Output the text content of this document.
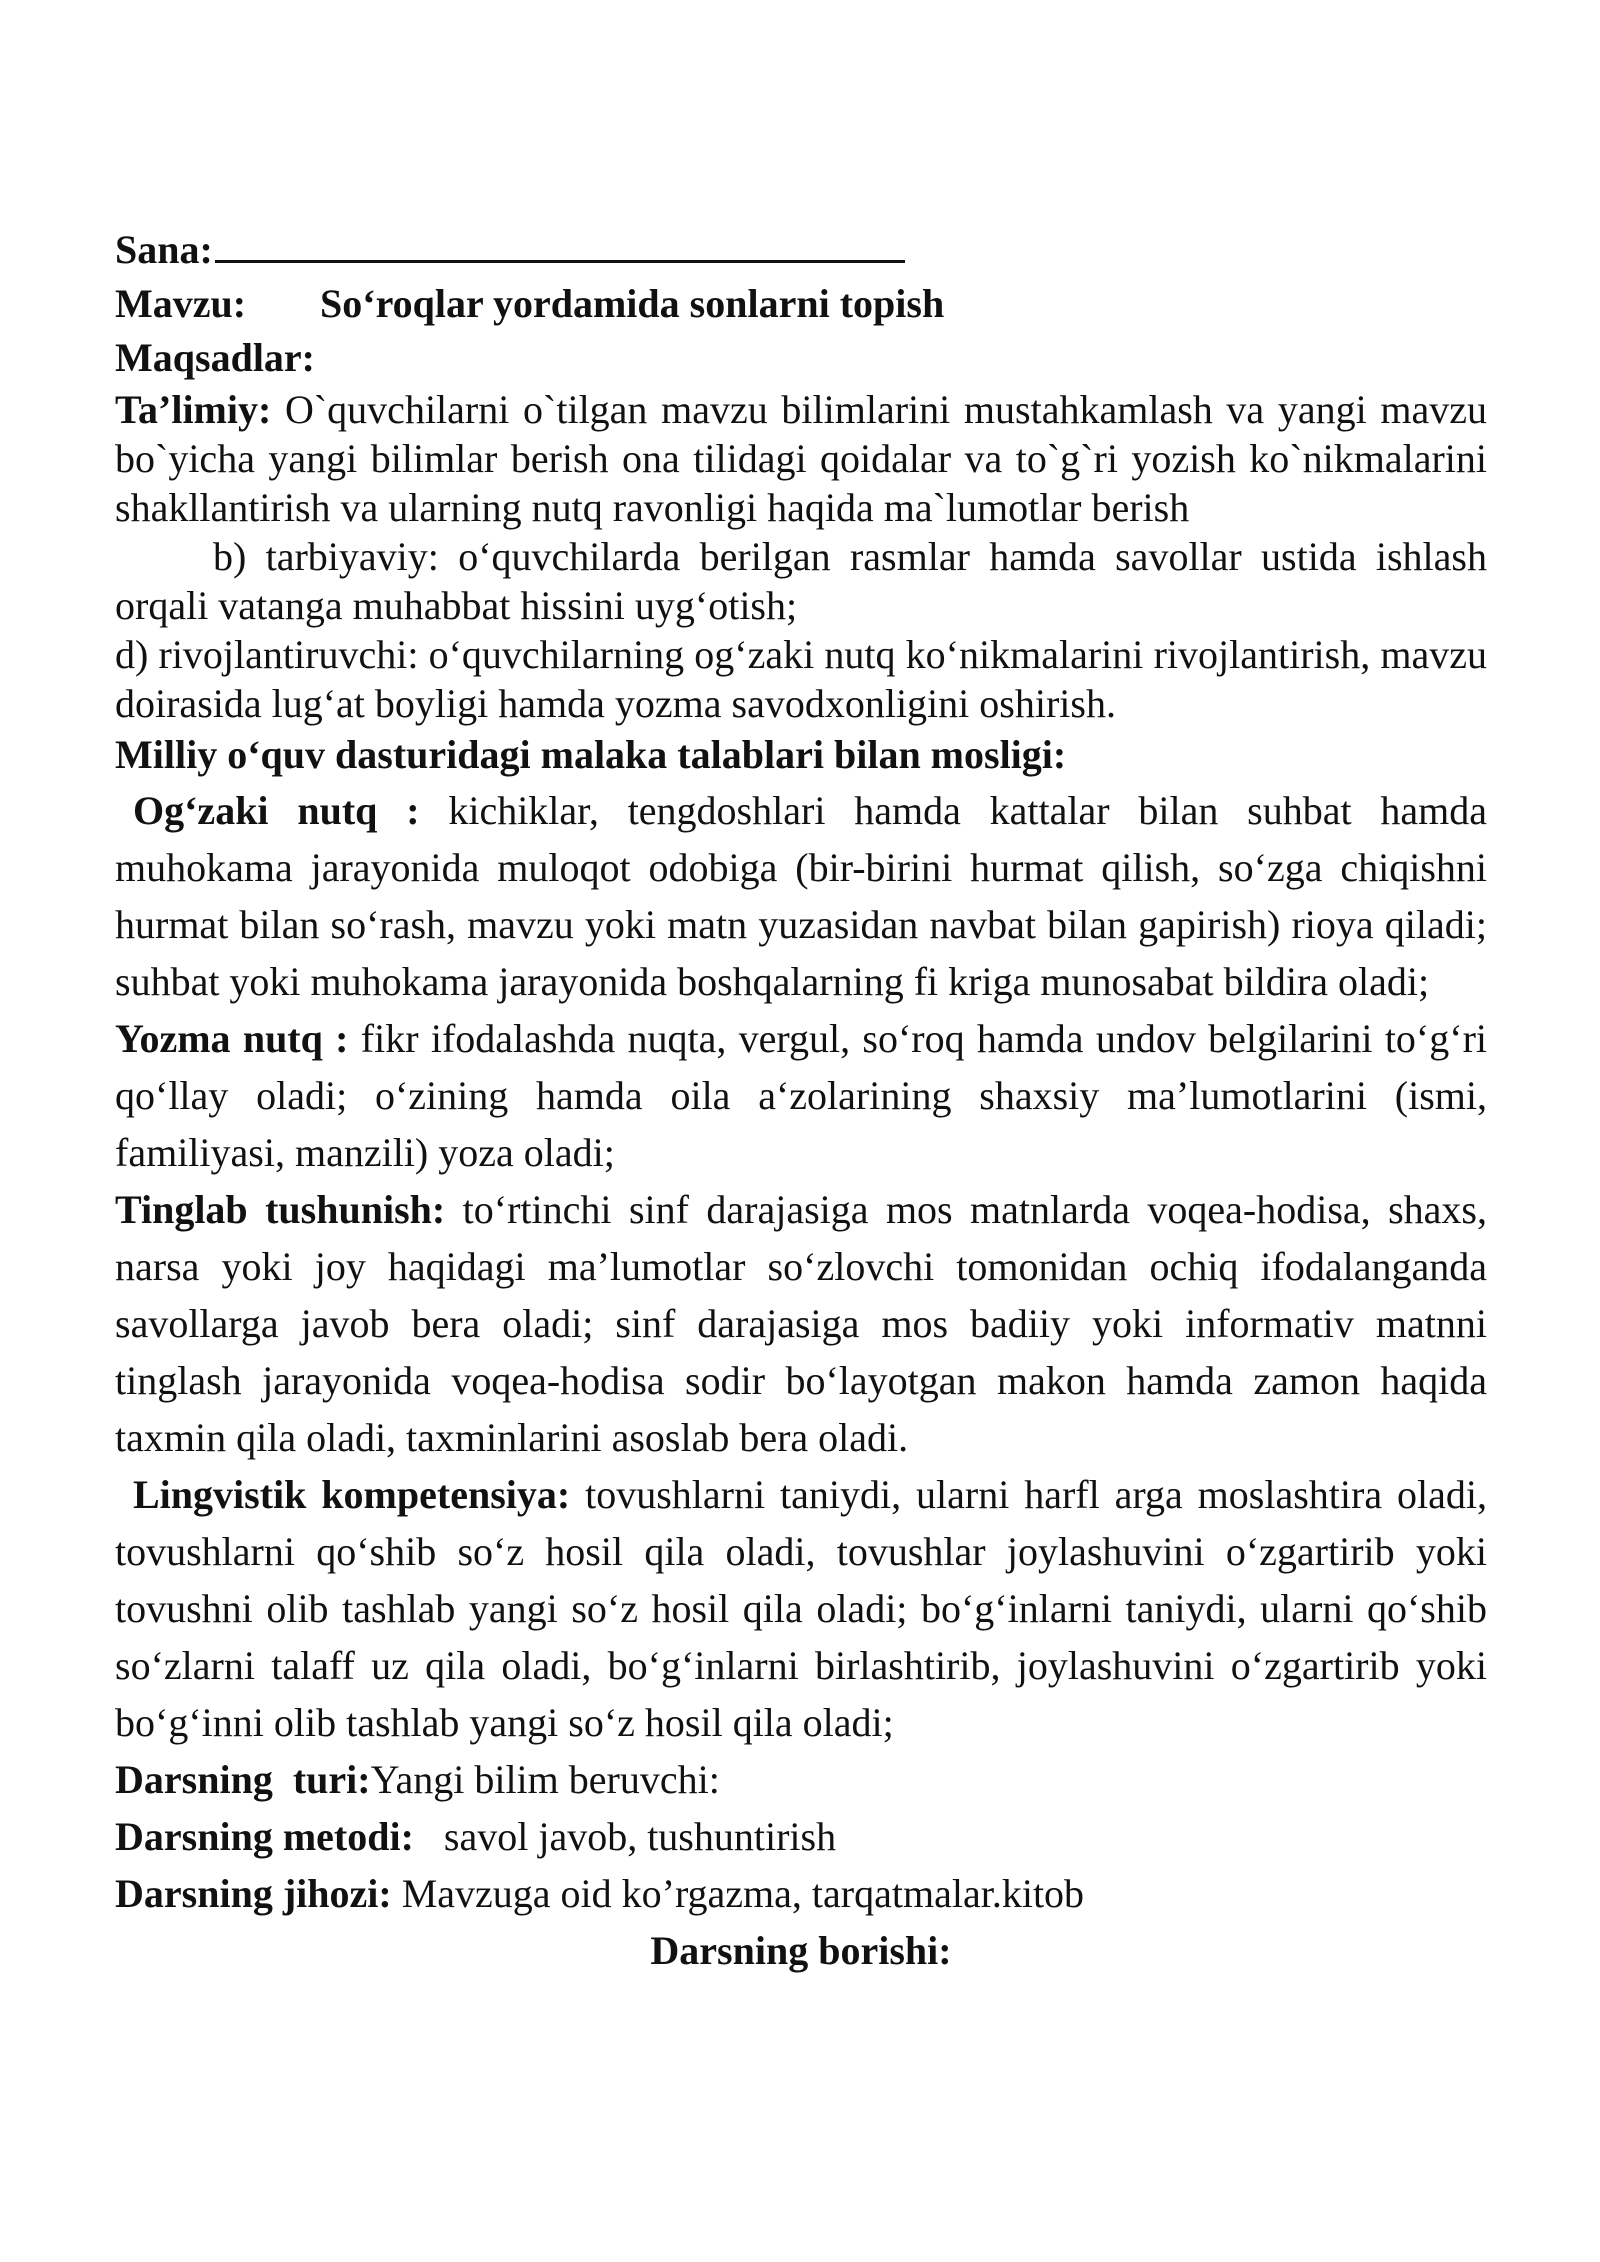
Sana:

Mavzu: So‘roqlar yordamida sonlarni topish

Maqsadlar:

Ta’limiy: O`quvchilarni o`tilgan mavzu bilimlarini mustahkamlash va yangi mavzu bo`yicha yangi bilimlar berish ona tilidagi qoidalar va to`g`ri yozish ko`nikmalarini shakllantirish va ularning nutq ravonligi haqida ma`lumotlar berish

b) tarbiyaviy: o‘quvchilarda berilgan rasmlar hamda savollar ustida ishlash orqali vatanga muhabbat hissini uyg‘otish;

d) rivojlantiruvchi: o‘quvchilarning og‘zaki nutq ko‘nikmalarini rivojlantirish, mavzu doirasida lug‘at boyligi hamda yozma savodxonligini oshirish.

Milliy o‘quv dasturidagi malaka talablari bilan mosligi:

Og‘zaki nutq : kichiklar, tengdoshlari hamda kattalar bilan suhbat hamda muhokama jarayonida muloqot odobiga (bir-birini hurmat qilish, so‘zga chiqishni hurmat bilan so‘rash, mavzu yoki matn yuzasidan navbat bilan gapirish) rioya qiladi; suhbat yoki muhokama jarayonida boshqalarning fi kriga munosabat bildira oladi;

Yozma nutq : fikr ifodalashda nuqta, vergul, so‘roq hamda undov belgilarini to‘g‘ri qo‘llay oladi; o‘zining hamda oila a‘zolarining shaxsiy ma’lumotlarini (ismi, familiyasi, manzili) yoza oladi;

Tinglab tushunish: to‘rtinchi sinf darajasiga mos matnlarda voqea-hodisa, shaxs, narsa yoki joy haqidagi ma’lumotlar so‘zlovchi tomonidan ochiq ifodalanganda savollarga javob bera oladi; sinf darajasiga mos badiiy yoki informativ matnni tinglash jarayonida voqea-hodisa sodir bo‘layotgan makon hamda zamon haqida taxmin qila oladi, taxminlarini asoslab bera oladi.

Lingvistik kompetensiya: tovushlarni taniydi, ularni harfl arga moslashtira oladi, tovushlarni qo‘shib so‘z hosil qila oladi, tovushlar joylashuvini o‘zgartirib yoki tovushni olib tashlab yangi so‘z hosil qila oladi; bo‘g‘inlarni taniydi, ularni qo‘shib so‘zlarni talaff uz qila oladi, bo‘g‘inlarni birlashtirib, joylashuvini o‘zgartirib yoki bo‘g‘inni olib tashlab yangi so‘z hosil qila oladi;

Darsning  turi:Yangi bilim beruvchi:

Darsning metodi:   savol javob, tushuntirish

Darsning jihozi: Mavzuga oid ko’rgazma, tarqatmalar.kitob

Darsning borishi:
